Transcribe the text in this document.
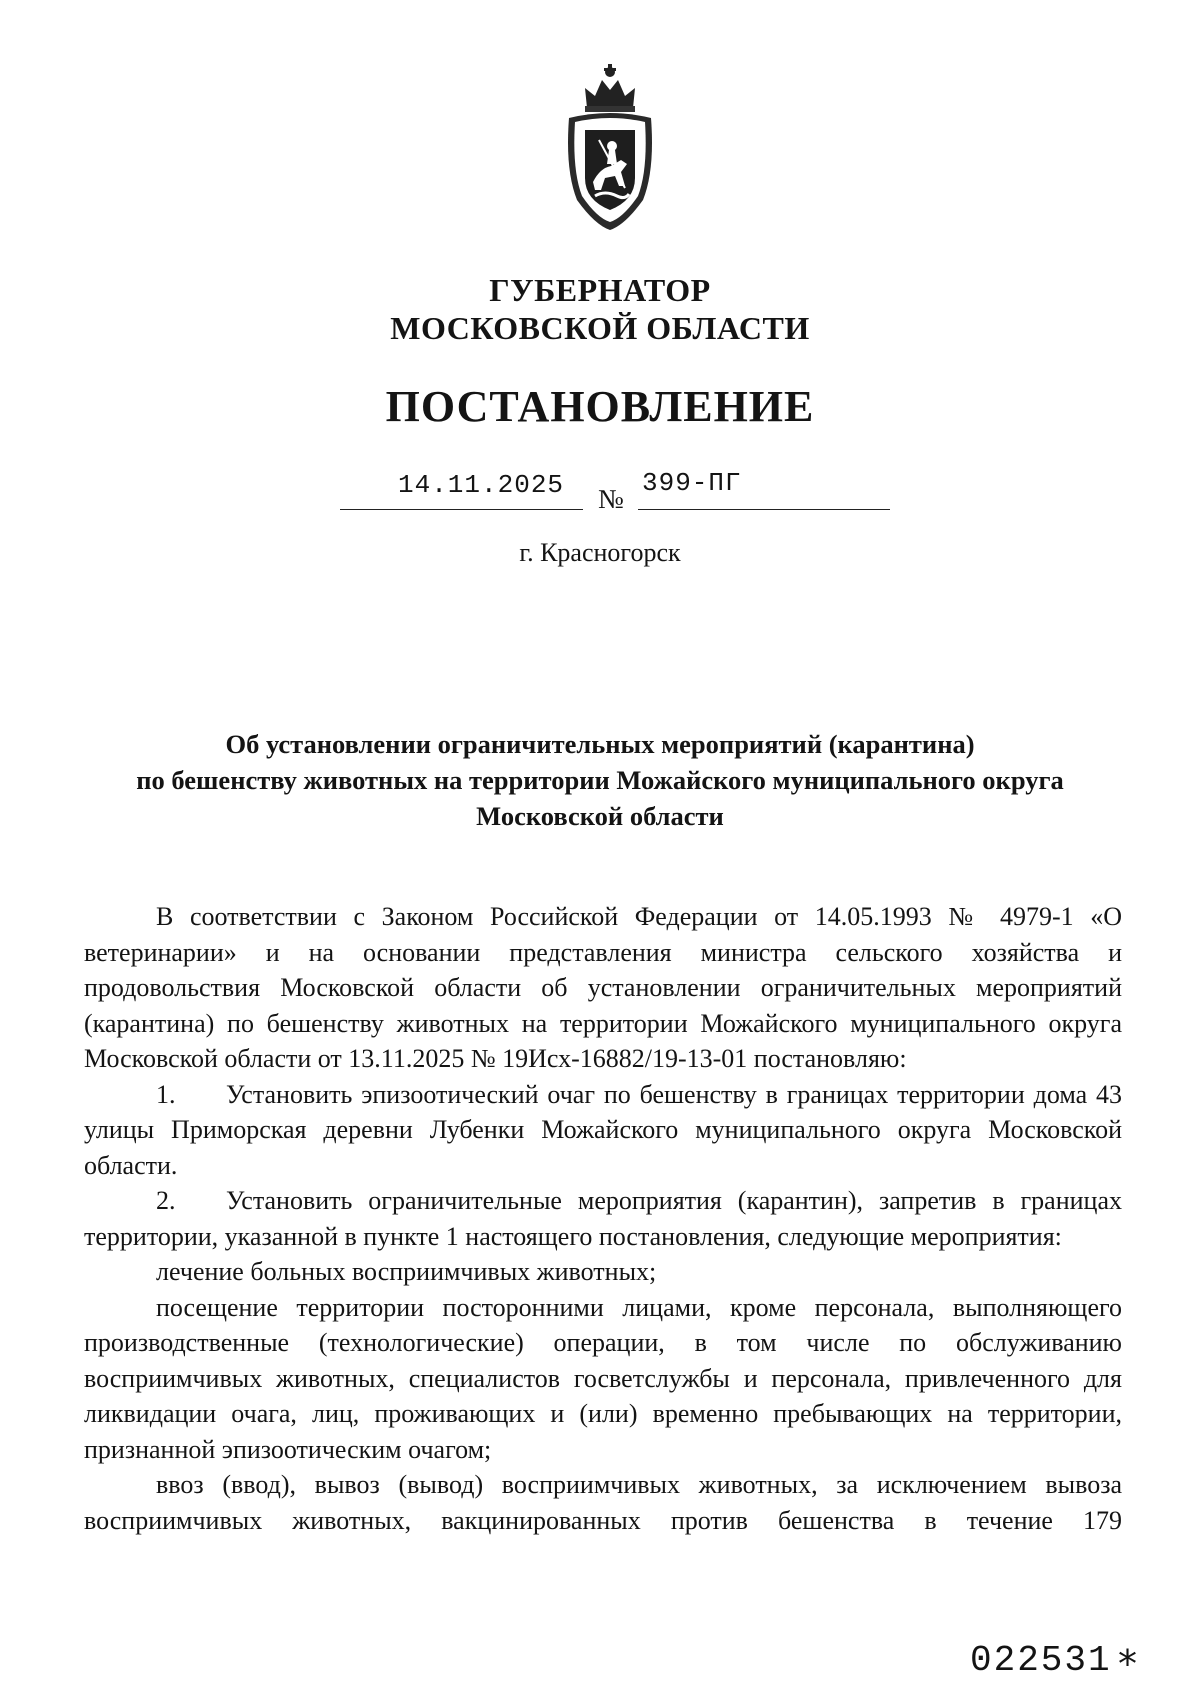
ГУБЕРНАТОР
МОСКОВСКОЙ ОБЛАСТИ
ПОСТАНОВЛЕНИЕ
14.11.2025 №
399-ПГ
г. Красногорск
Об установлении ограничительных мероприятий (карантина)
по бешенству животных на территории Можайского муниципального округа
Московской области

В соответствии с Законом Российской Федерации от 14.05.1993 № 4979-1 «О ветеринарии» и на основании представления министра сельского хозяйства и продовольствия Московской области об установлении ограничительных мероприятий (карантина) по бешенству животных на территории Можайского муниципального округа Московской области от 13.11.2025 № 19Исх-16882/19-13-01 постановляю:

1. Установить эпизоотический очаг по бешенству в границах территории дома 43 улицы Приморская деревни Лубенки Можайского муниципального округа Московской области.

2. Установить ограничительные мероприятия (карантин), запретив в границах территории, указанной в пункте 1 настоящего постановления, следующие мероприятия:

лечение больных восприимчивых животных;

посещение территории посторонними лицами, кроме персонала, выполняющего производственные (технологические) операции, в том числе по обслуживанию восприимчивых животных, специалистов госветслужбы и персонала, привлеченного для ликвидации очага, лиц, проживающих и (или) временно пребывающих на территории, признанной эпизоотическим очагом;

ввоз (ввод), вывоз (вывод) восприимчивых животных, за исключением вывоза восприимчивых животных, вакцинированных против бешенства в течение 179

022531 *
